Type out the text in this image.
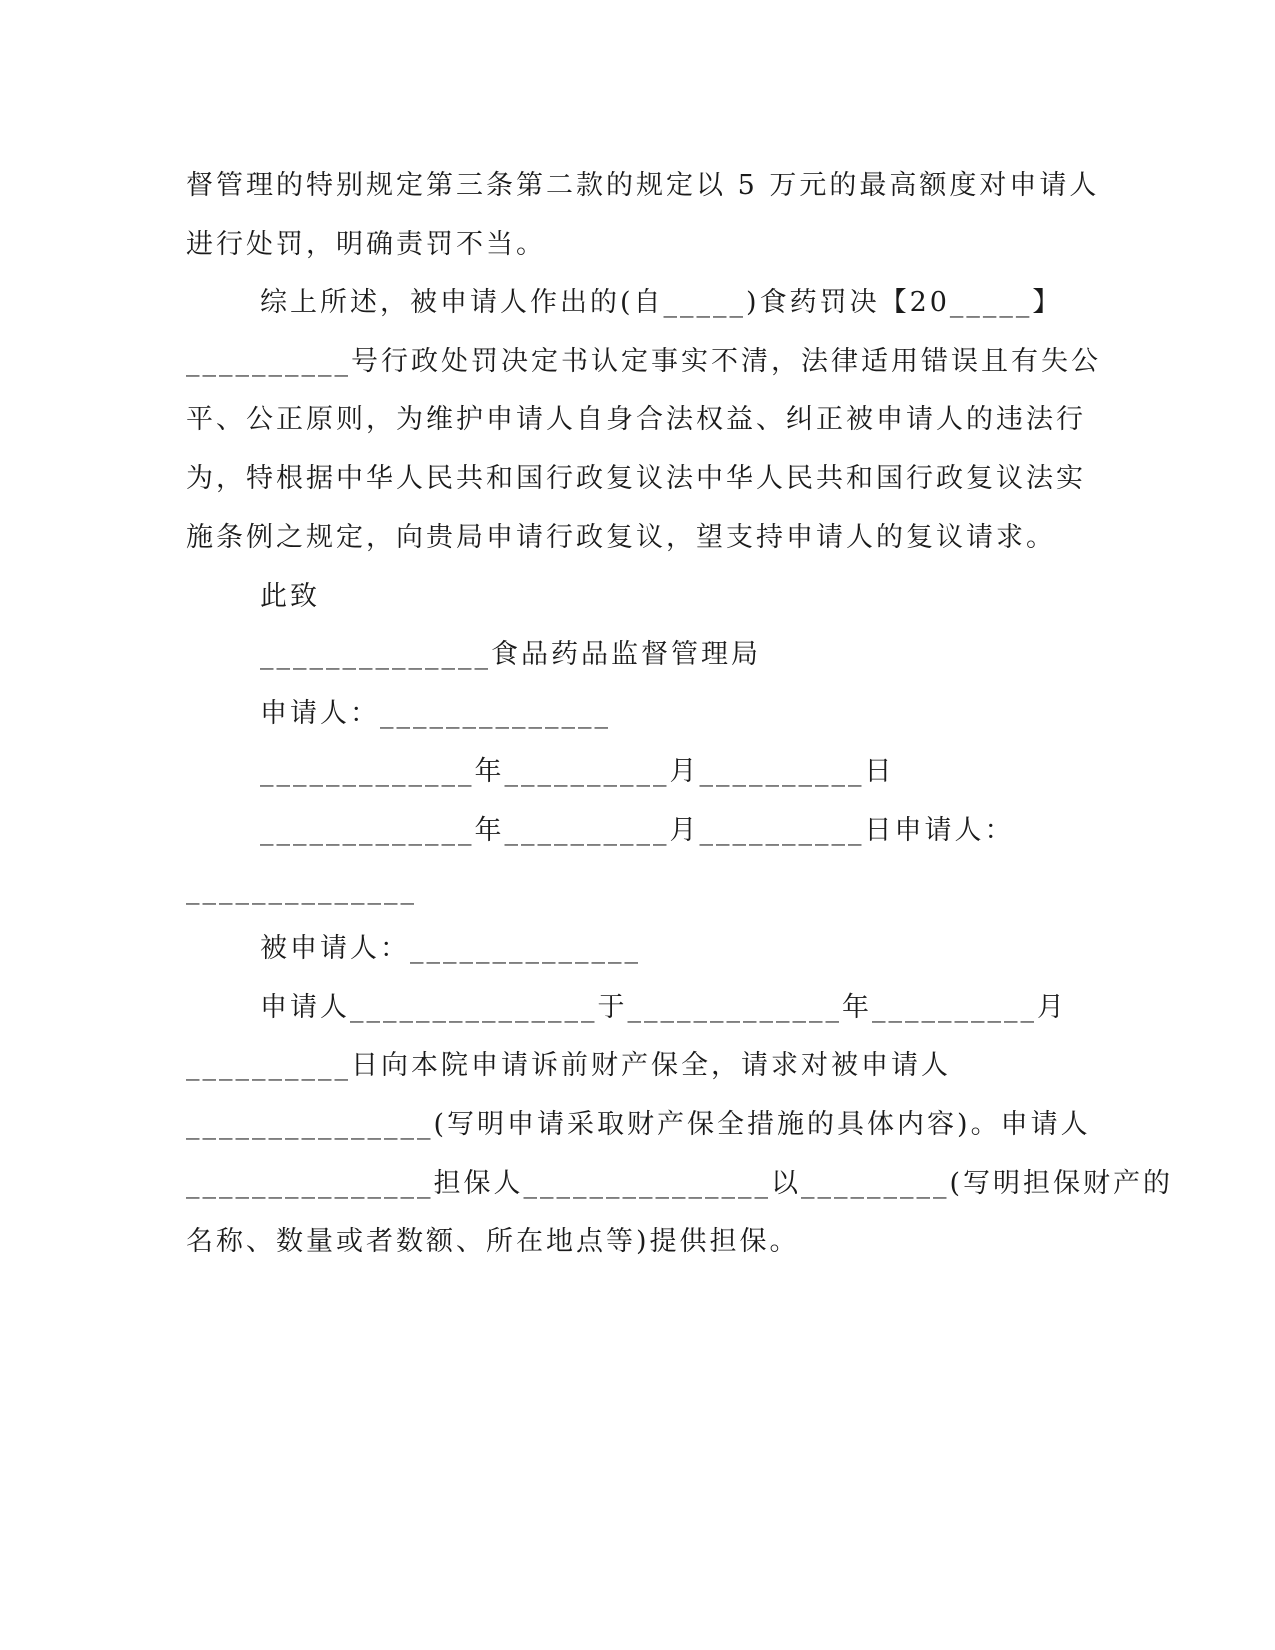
督管理的特别规定第三条第二款的规定以 5 万元的最高额度对申请人
进行处罚，明确责罚不当。
综上所述，被申请人作出的(自_____)食药罚决【20_____】
__________号行政处罚决定书认定事实不清，法律适用错误且有失公
平、公正原则，为维护申请人自身合法权益、纠正被申请人的违法行
为，特根据中华人民共和国行政复议法中华人民共和国行政复议法实
施条例之规定，向贵局申请行政复议，望支持申请人的复议请求。
此致
______________食品药品监督管理局
申请人：______________
_____________年__________月__________日
_____________年__________月__________日申请人：
______________
被申请人：______________
申请人_______________于_____________年__________月
__________日向本院申请诉前财产保全，请求对被申请人
_______________(写明申请采取财产保全措施的具体内容)。申请人
_______________担保人_______________以_________(写明担保财产的
名称、数量或者数额、所在地点等)提供担保。
